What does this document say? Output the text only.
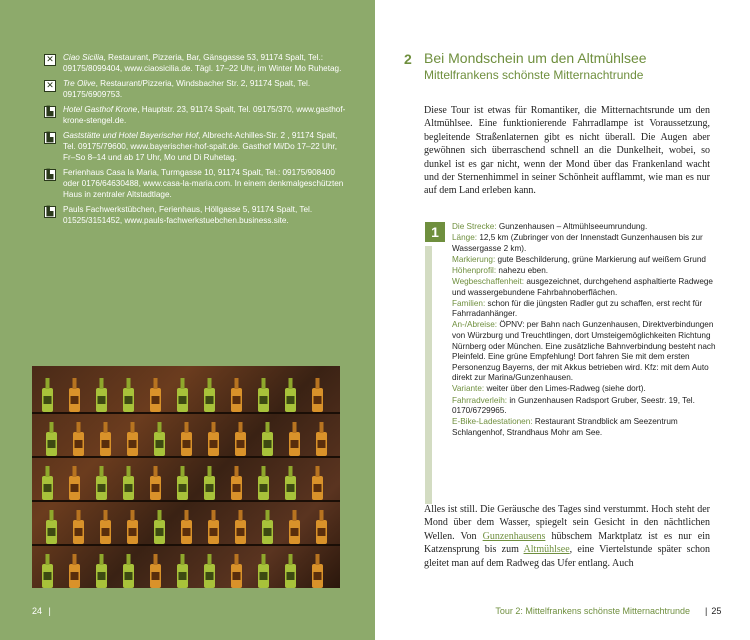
✕ Ciao Sicilia, Restaurant, Pizzeria, Bar, Gänsgasse 53, 91174 Spalt, Tel.: 09175/8099404, www.ciaosicilia.de. Tägl. 17–22 Uhr, im Winter Mo Ruhetag.
✕ Tre Olive, Restaurant/Pizzeria, Windsbacher Str. 2, 91174 Spalt, Tel. 09175/6909753.
▙ Hotel Gasthof Krone, Hauptstr. 23, 91174 Spalt, Tel. 09175/370, www.gasthof-krone-stengel.de.
▙ Gaststätte und Hotel Bayerischer Hof, Albrecht-Achilles-Str. 2 , 91174 Spalt, Tel. 09175/79600, www.bayerischer-hof-spalt.de. Gasthof Mi/Do 17–22 Uhr, Fr–So 8–14 und ab 17 Uhr, Mo und Di Ruhetag.
▙ Ferienhaus Casa la Maria, Turmgasse 10, 91174 Spalt, Tel.: 09175/908400 oder 0176/64630488, www.casa-la-maria.com. In einem denkmalgeschützten Haus in zentraler Altstadtlage.
▙ Pauls Fachwerkstübchen, Ferienhaus, Höllgasse 5, 91174 Spalt, Tel. 01525/3151452, www.pauls-fachwerkstuebchen.business.site.
24 |
2 Bei Mondschein um den Altmühlsee
Mittelfrankens schönste Mitternachtrunde
Diese Tour ist etwas für Romantiker, die Mitternachtsrunde um den Altmühlsee. Eine funktionierende Fahrradlampe ist Voraussetzung, begleitende Straßenlaternen gibt es nicht überall. Die Augen aber gewöhnen sich überraschend schnell an die Dunkelheit, wobei, so dunkel ist es gar nicht, wenn der Mond über das Frankenland wacht und der Sternenhimmel in seiner Schönheit aufflammt, wie man es nur auf dem Land erleben kann.
1	Die Strecke: Gunzenhausen – Altmühlseeumrundung.
Länge: 12,5 km (Zubringer von der Innenstadt Gunzenhausen bis zur Wassergasse 2 km).
Markierung: gute Beschilderung, grüne Markierung auf weißem Grund
Höhenprofil: nahezu eben.
Wegbeschaffenheit: ausgezeichnet, durchgehend asphaltierte Radwege und wassergebundene Fahrbahnoberflächen.
Familien: schon für die jüngsten Radler gut zu schaffen, erst recht für Fahrradanhänger.
An-/Abreise: ÖPNV: per Bahn nach Gunzenhausen, Direktverbindungen von Würzburg und Treuchtlingen, dort Umsteigemöglichkeiten Richtung Nürnberg oder München. Eine zusätzliche Bahnverbindung besteht nach Pleinfeld. Eine grüne Empfehlung! Dort fahren Sie mit dem ersten Personenzug Bayerns, der mit Akkus betrieben wird. Kfz: mit dem Auto direkt zur Marina/Gunzenhausen.
Variante: weiter über den Limes-Radweg (siehe dort).
Fahrradverleih: in Gunzenhausen Radsport Gruber, Seestr. 19, Tel. 0170/6729965.
E-Bike-Ladestationen: Restaurant Strandblick am Seezentrum Schlangenhof, Strandhaus Mohr am See.
Alles ist still. Die Geräusche des Tages sind verstummt. Hoch steht der Mond über dem Wasser, spiegelt sein Gesicht in den nächtlichen Wellen. Von Gunzenhausens hübschem Marktplatz ist es nur ein Katzensprung bis zum Altmühlsee, eine Viertelstunde später schon gleitet man auf dem Radweg das Ufer entlang. Auch
Tour 2: Mittelfrankens schönste Mitternachtrunde	| 25
